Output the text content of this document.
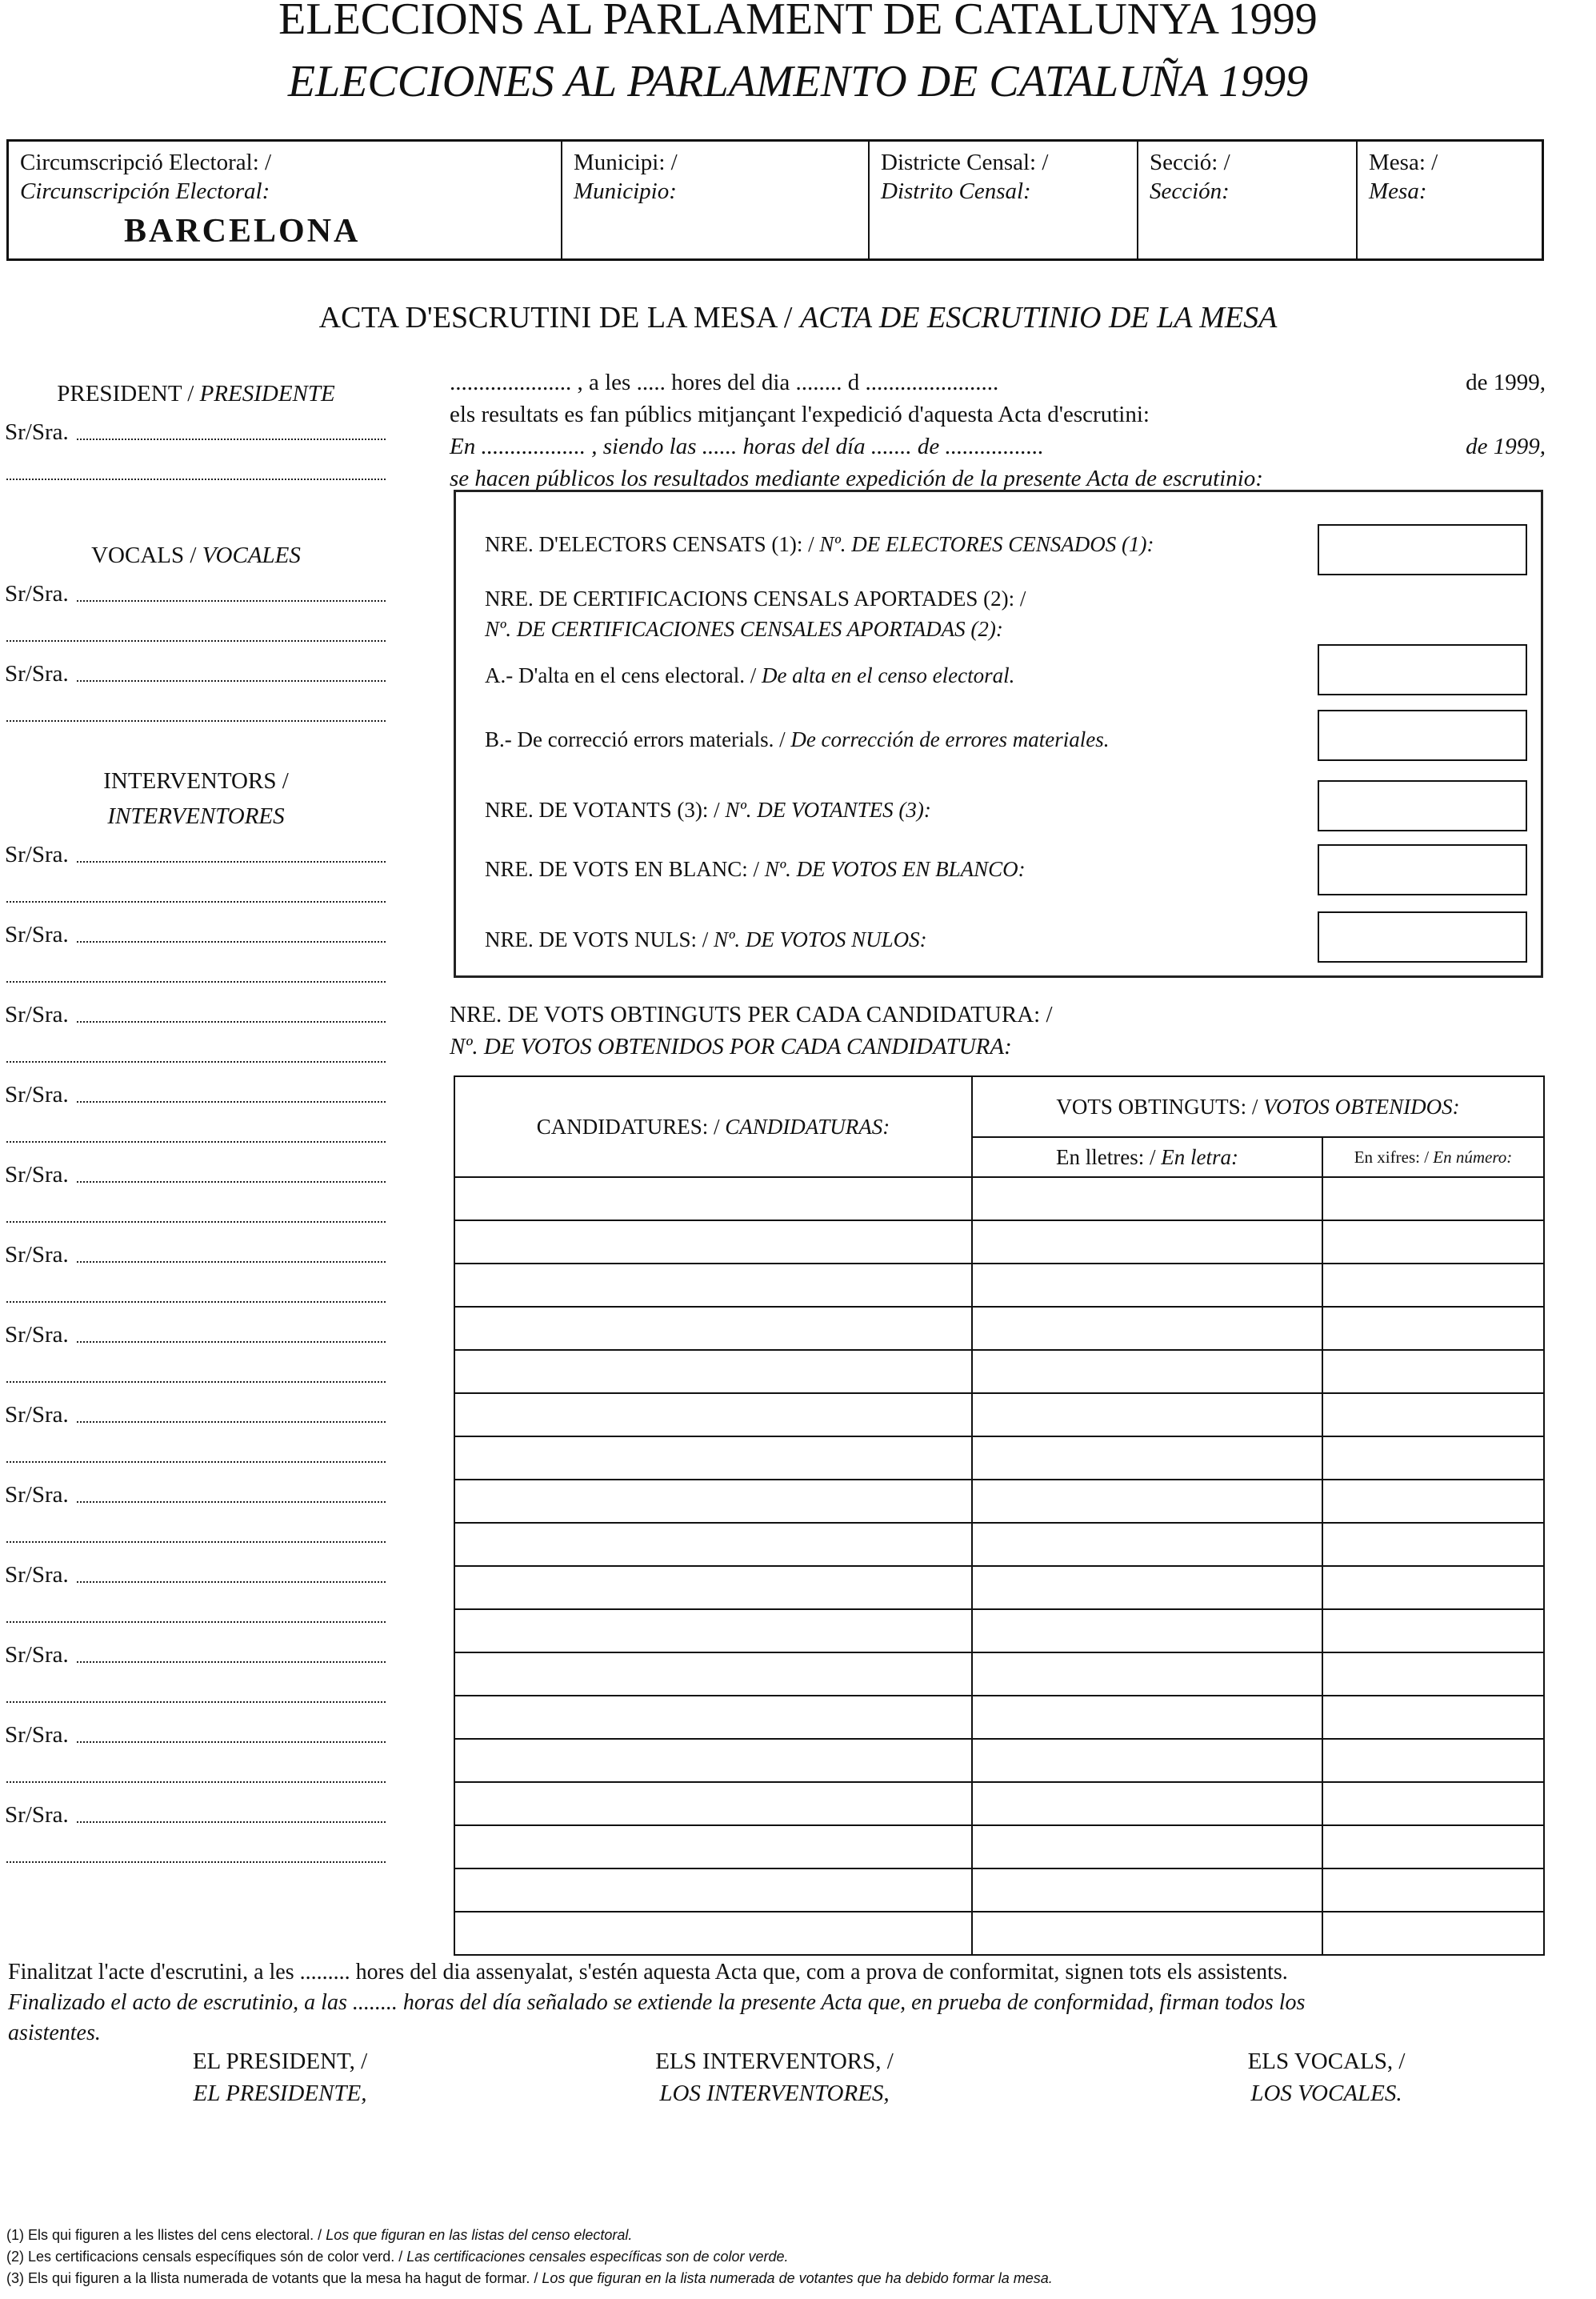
ELECCIONS AL PARLAMENT DE CATALUNYA 1999
ELECCIONES AL PARLAMENTO DE CATALUÑA 1999
Circumscripció Electoral: /
Circunscripción Electoral:
BARCELONA
Municipi: /
Municipio:
Districte Censal: /
Distrito Censal:
Secció: /
Sección:
Mesa: /
Mesa:
ACTA D'ESCRUTINI DE LA MESA / ACTA DE ESCRUTINIO DE LA MESA
PRESIDENT / PRESIDENTE
Sr/Sra.
VOCALS / VOCALES
Sr/Sra.
Sr/Sra.
INTERVENTORS /
INTERVENTORES
Sr/Sra.
Sr/Sra.
Sr/Sra.
Sr/Sra.
Sr/Sra.
Sr/Sra.
Sr/Sra.
Sr/Sra.
Sr/Sra.
Sr/Sra.
Sr/Sra.
Sr/Sra.
Sr/Sra.
..................... , a les ..... hores del dia ........ d .......................	de 1999,
els resultats es fan públics mitjançant l'expedició d'aquesta Acta d'escrutini:
En .................. , siendo las ...... horas del día ....... de .................	de 1999,
se hacen públicos los resultados mediante expedición de la presente Acta de escrutinio:
NRE. D'ELECTORS CENSATS (1): / Nº. DE ELECTORES CENSADOS (1):
NRE. DE CERTIFICACIONS CENSALS APORTADES (2): /
Nº. DE CERTIFICACIONES CENSALES APORTADAS (2):
A.- D'alta en el cens electoral. / De alta en el censo electoral.
B.- De correcció errors materials. / De corrección de errores materiales.
NRE. DE VOTANTS (3): / Nº. DE VOTANTES (3):
NRE. DE VOTS EN BLANC: / Nº. DE VOTOS EN BLANCO:
NRE. DE VOTS NULS: / Nº. DE VOTOS NULOS:
NRE. DE VOTS OBTINGUTS PER CADA CANDIDATURA: /
Nº. DE VOTOS OBTENIDOS POR CADA CANDIDATURA:
CANDIDATURES: / CANDIDATURAS:	VOTS OBTINGUTS: / VOTOS OBTENIDOS:	
	En lletres: / En letra:	En xifres: / En número:

Finalitzat l'acte d'escrutini, a les ......... hores del dia assenyalat, s'estén aquesta Acta que, com a prova de conformitat, signen tots els assistents.
Finalizado el acto de escrutinio, a las ........ horas del día señalado se extiende la presente Acta que, en prueba de conformidad, firman todos los
asistentes.
EL PRESIDENT, /
EL PRESIDENTE,
ELS INTERVENTORS, /
LOS INTERVENTORES,
ELS VOCALS, /
LOS VOCALES.
(1) Els qui figuren a les llistes del cens electoral. / Los que figuran en las listas del censo electoral.
(2) Les certificacions censals específiques són de color verd. / Las certificaciones censales específicas son de color verde.
(3) Els qui figuren a la llista numerada de votants que la mesa ha hagut de formar. / Los que figuran en la lista numerada de votantes que ha debido formar la mesa.
